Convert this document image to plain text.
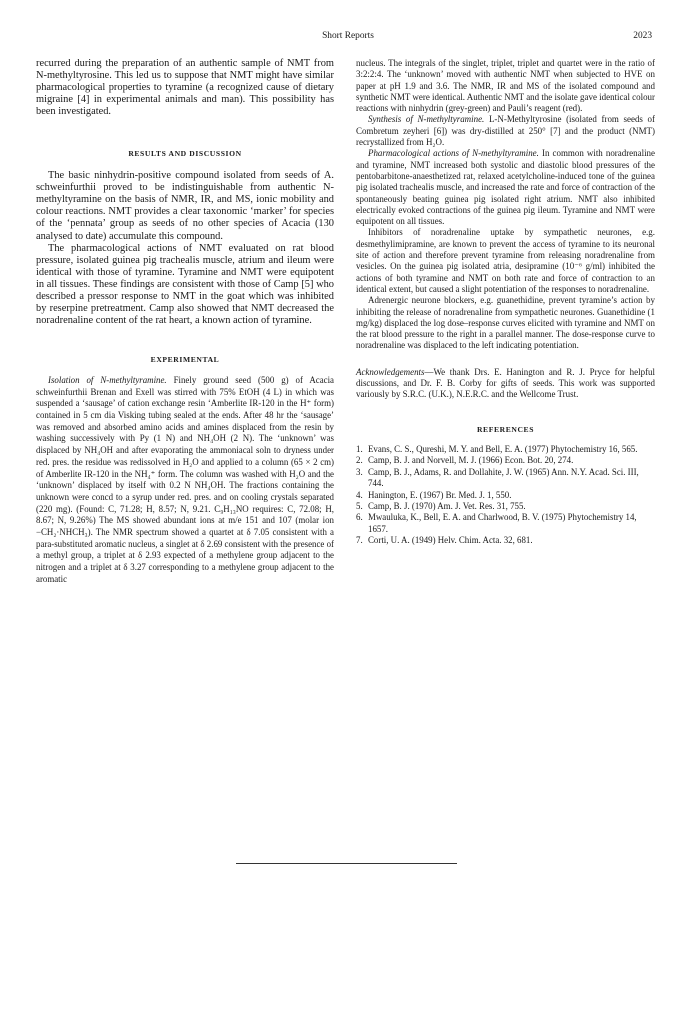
Short Reports	2023

recurred during the preparation of an authentic sample of NMT from N-methyltyrosine. This led us to suppose that NMT might have similar pharmacological properties to tyramine (a recognized cause of dietary migraine [4] in experimental animals and man). This possibility has been investigated.

RESULTS AND DISCUSSION

The basic ninhydrin-positive compound isolated from seeds of A. schweinfurthii proved to be indistinguishable from authentic N-methyltyramine on the basis of NMR, IR, and MS, ionic mobility and colour reactions. NMT provides a clear taxonomic ‘marker’ for species of the ‘pennata’ group as seeds of no other species of Acacia (130 analysed to date) accumulate this compound.

The pharmacological actions of NMT evaluated on rat blood pressure, isolated guinea pig trachealis muscle, atrium and ileum were identical with those of tyramine. Tyramine and NMT were equipotent in all tissues. These findings are consistent with those of Camp [5] who described a pressor response to NMT in the goat which was inhibited by reserpine pretreatment. Camp also showed that NMT decreased the noradrenaline content of the rat heart, a known action of tyramine.

EXPERIMENTAL

Isolation of N-methyltyramine. Finely ground seed (500 g) of Acacia schweinfurthii Brenan and Exell was stirred with 75% EtOH (4 L) in which was suspended a ‘sausage’ of cation exchange resin ‘Amberlite IR-120 in the H⁺ form) contained in 5 cm dia Visking tubing sealed at the ends. After 48 hr the ‘sausage’ was removed and absorbed amino acids and amines displaced from the resin by washing successively with Py (1 N) and NH₄OH (2 N). The ‘unknown’ was displaced by NH₄OH and after evaporating the ammoniacal soln to dryness under red. pres. the residue was redissolved in H₂O and applied to a column (65 × 2 cm) of Amberlite IR-120 in the NH₄⁺ form. The column was washed with H₂O and the ‘unknown’ displaced by itself with 0.2 N NH₄OH. The fractions containing the unknown were concd to a syrup under red. pres. and on cooling crystals separated (220 mg). (Found: C, 71.28; H, 8.57; N, 9.21. C₉H₁₃NO requires: C, 72.08; H, 8.67; N, 9.26%) The MS showed abundant ions at m/e 151 and 107 (molar ion −CH₂·NHCH₃). The NMR spectrum showed a quartet at δ 7.05 consistent with a para-substituted aromatic nucleus, a singlet at δ 2.69 consistent with the presence of a methyl group, a triplet at δ 2.93 expected of a methylene group adjacent to the nitrogen and a triplet at δ 3.27 corresponding to a methylene group adjacent to the aromatic

nucleus. The integrals of the singlet, triplet, triplet and quartet were in the ratio of 3:2:2:4. The ‘unknown’ moved with authentic NMT when subjected to HVE on paper at pH 1.9 and 3.6. The NMR, IR and MS of the isolated compound and synthetic NMT were identical. Authentic NMT and the isolate gave identical colour reactions with ninhydrin (grey-green) and Pauli’s reagent (red).

Synthesis of N-methyltyramine. L-N-Methyltyrosine (isolated from seeds of Combretum zeyheri [6]) was dry-distilled at 250° [7] and the product (NMT) recrystallized from H₂O.

Pharmacological actions of N-methyltyramine. In common with noradrenaline and tyramine, NMT increased both systolic and diastolic blood pressures of the pentobarbitone-anaesthetized rat, relaxed acetylcholine-induced tone of the guinea pig isolated trachealis muscle, and increased the rate and force of contraction of the spontaneously beating guinea pig isolated right atrium. NMT also inhibited electrically evoked contractions of the guinea pig ileum. Tyramine and NMT were equipotent on all tissues.

Inhibitors of noradrenaline uptake by sympathetic neurones, e.g. desmethylimipramine, are known to prevent the access of tyramine to its neuronal site of action and therefore prevent tyramine from releasing noradrenaline from vesicles. On the guinea pig isolated atria, desipramine (10⁻⁶ g/ml) inhibited the actions of both tyramine and NMT on both rate and force of contraction to an identical extent, but caused a slight potentiation of the responses to noradrenaline.

Adrenergic neurone blockers, e.g. guanethidine, prevent tyramine’s action by inhibiting the release of noradrenaline from sympathetic neurones. Guanethidine (1 mg/kg) displaced the log dose–response curves elicited with tyramine and NMT on the rat blood pressure to the right in a parallel manner. The dose-response curve to noradrenaline was displaced to the left indicating potentiation.

Acknowledgements—We thank Drs. E. Hanington and R. J. Pryce for helpful discussions, and Dr. F. B. Corby for gifts of seeds. This work was supported variously by S.R.C. (U.K.), N.E.R.C. and the Wellcome Trust.

REFERENCES
1. Evans, C. S., Qureshi, M. Y. and Bell, E. A. (1977) Phytochemistry 16, 565.
2. Camp, B. J. and Norvell, M. J. (1966) Econ. Bot. 20, 274.
3. Camp, B. J., Adams, R. and Dollahite, J. W. (1965) Ann. N.Y. Acad. Sci. III, 744.
4. Hanington, E. (1967) Br. Med. J. 1, 550.
5. Camp, B. J. (1970) Am. J. Vet. Res. 31, 755.
6. Mwauluka, K., Bell, E. A. and Charlwood, B. V. (1975) Phytochemistry 14, 1657.
7. Corti, U. A. (1949) Helv. Chim. Acta. 32, 681.
